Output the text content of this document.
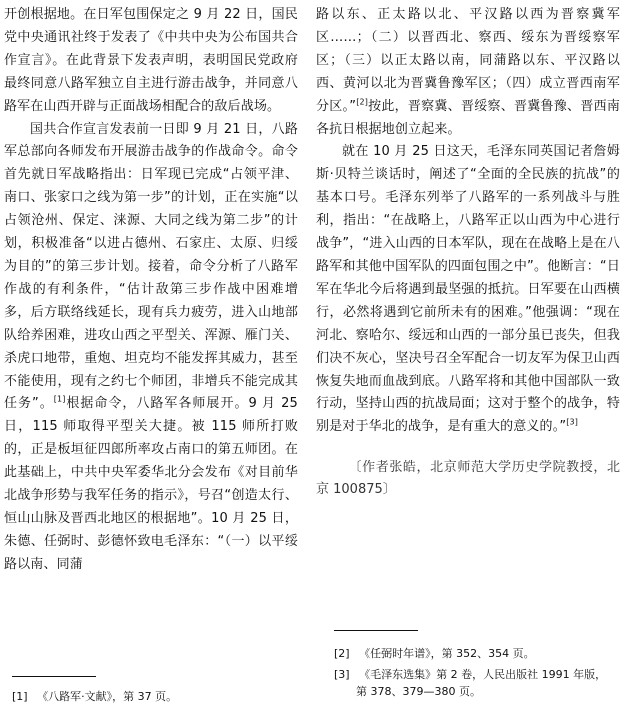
开创根据地。在日军包围保定之 9 月 22 日，国民党中央通讯社终于发表了《中共中央为公布国共合作宣言》。在此背景下发表声明，表明国民党政府最终同意八路军独立自主进行游击战争，并同意八路军在山西开辟与正面战场相配合的敌后战场。

国共合作宣言发表前一日即 9 月 21 日，八路军总部向各师发布开展游击战争的作战命令。命令首先就日军战略指出：日军现已完成“占领平津、南口、张家口之线为第一步”的计划，正在实施“以占领沧州、保定、涞源、大同之线为第二步”的计划，积极准备“以进占德州、石家庄、太原、归绥为目的”的第三步计划。接着，命令分析了八路军作战的有利条件，“估计敌第三步作战中困难增多，后方联络线延长，现有兵力疲劳，进入山地部队给养困难，进攻山西之平型关、浑源、雁门关、杀虎口地带，重炮、坦克均不能发挥其威力，甚至不能使用，现有之约七个师团，非增兵不能完成其任务”。[1]根据命令，八路军各师展开。9 月 25 日，115 师取得平型关大捷。被 115 师所打败的，正是板垣征四郎所率攻占南口的第五师团。在此基础上，中共中央军委华北分会发布《对目前华北战争形势与我军任务的指示》，号召“创造太行、恒山山脉及晋西北地区的根据地”。10 月 25 日，朱德、任弼时、彭德怀致电毛泽东：“（一）以平绥路以南、同蒲

路以东、正太路以北、平汉路以西为晋察冀军区……；（二）以晋西北、察西、绥东为晋绥察军区；（三）以正太路以南，同蒲路以东、平汉路以西、黄河以北为晋冀鲁豫军区；（四）成立晋西南军分区。”[2]按此，晋察冀、晋绥察、晋冀鲁豫、晋西南各抗日根据地创立起来。

就在 10 月 25 日这天，毛泽东同英国记者詹姆斯·贝特兰谈话时，阐述了“全面的全民族的抗战”的基本口号。毛泽东列举了八路军的一系列战斗与胜利，指出：“在战略上，八路军正以山西为中心进行战争”，“进入山西的日本军队，现在在战略上是在八路军和其他中国军队的四面包围之中”。他断言：“日军在华北今后将遇到最坚强的抵抗。日军要在山西横行，必然将遇到它前所未有的困难。”他强调：“现在河北、察哈尔、绥远和山西的一部分虽已丧失，但我们决不灰心，坚决号召全军配合一切友军为保卫山西恢复失地而血战到底。八路军将和其他中国部队一致行动，坚持山西的抗战局面；这对于整个的战争，特别是对于华北的战争，是有重大的意义的。”[3]

〔作者张皓，北京师范大学历史学院教授，北京 100875〕

[1] 《八路军·文献》，第 37 页。
[2] 《任弼时年谱》，第 352、354 页。
[3] 《毛泽东选集》第 2 卷，人民出版社 1991 年版，
第 378、379—380 页。
